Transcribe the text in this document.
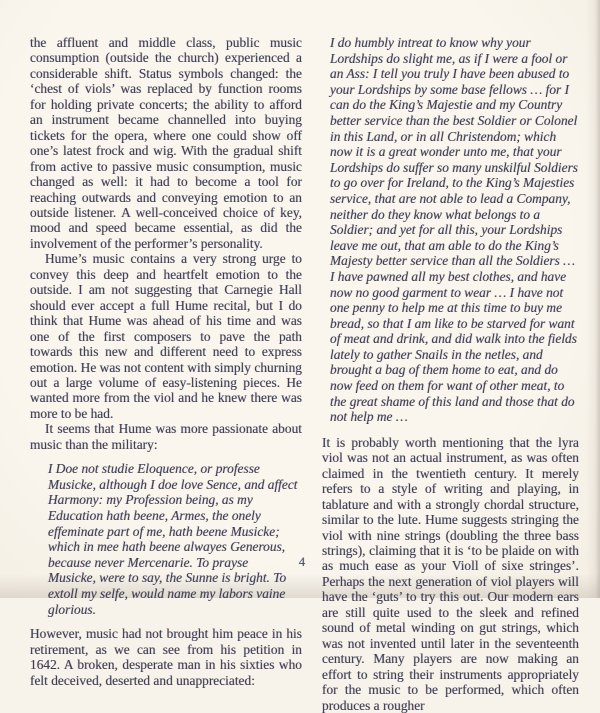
the affluent and middle class, public music consumption (outside the church) experienced a considerable shift. Status symbols changed: the ‘chest of viols’ was replaced by function rooms for holding private concerts; the ability to afford an instrument became channelled into buying tickets for the opera, where one could show off one’s latest frock and wig. With the gradual shift from active to passive music consumption, music changed as well: it had to become a tool for reaching outwards and conveying emotion to an outside listener. A well-conceived choice of key, mood and speed became essential, as did the involvement of the performer’s personality.

Hume’s music contains a very strong urge to convey this deep and heartfelt emotion to the outside. I am not suggesting that Carnegie Hall should ever accept a full Hume recital, but I do think that Hume was ahead of his time and was one of the first composers to pave the path towards this new and different need to express emotion. He was not content with simply churning out a large volume of easy-listening pieces. He wanted more from the viol and he knew there was more to be had.

It seems that Hume was more passionate about music than the military:

I Doe not studie Eloquence, or professe Musicke, although I doe love Sence, and affect Harmony: my Profession being, as my Education hath beene, Armes, the onely effeminate part of me, hath beene Musicke; which in mee hath beene alwayes Generous, because never Mercenarie. To prayse Musicke, were to say, the Sunne is bright. To extoll my selfe, would name my labors vaine glorious.

However, music had not brought him peace in his retirement, as we can see from his petition in 1642. A broken, desperate man in his sixties who felt deceived, deserted and unappreciated:

I do humbly intreat to know why your Lordships do slight me, as if I were a fool or an Ass: I tell you truly I have been abused to your Lordships by some base fellows … for I can do the King’s Majestie and my Country better service than the best Soldier or Colonel in this Land, or in all Christendom; which now it is a great wonder unto me, that your Lordships do suffer so many unskilful Soldiers to go over for Ireland, to the King’s Majesties service, that are not able to lead a Company, neither do they know what belongs to a Soldier; and yet for all this, your Lordships leave me out, that am able to do the King’s Majesty better service than all the Soldiers … I have pawned all my best clothes, and have now no good garment to wear … I have not one penny to help me at this time to buy me bread, so that I am like to be starved for want of meat and drink, and did walk into the fields lately to gather Snails in the netles, and brought a bag of them home to eat, and do now feed on them for want of other meat, to the great shame of this land and those that do not help me …

It is probably worth mentioning that the lyra viol was not an actual instrument, as was often claimed in the twentieth century. It merely refers to a style of writing and playing, in tablature and with a strongly chordal structure, similar to the lute. Hume suggests stringing the viol with nine strings (doubling the three bass strings), claiming that it is ‘to be plaide on with as much ease as your Violl of sixe stringes’. Perhaps the next generation of viol players will have the ‘guts’ to try this out. Our modern ears are still quite used to the sleek and refined sound of metal winding on gut strings, which was not invented until later in the seventeenth century. Many players are now making an effort to string their instruments appropriately for the music to be performed, which often produces a rougher

4
